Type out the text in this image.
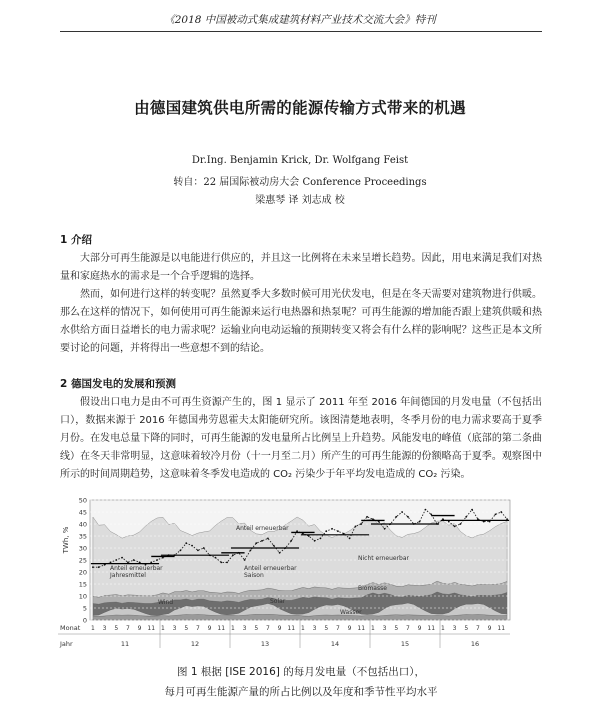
《2018 中国被动式集成建筑材料产业技术交流大会》特刊
由德国建筑供电所需的能源传输方式带来的机遇
Dr.Ing. Benjamin Krick, Dr. Wolfgang Feist
转自：22 届国际被动房大会 Conference Proceedings
梁惠琴 译 刘志成 校
1 介绍

大部分可再生能源是以电能进行供应的，并且这一比例将在未来呈增长趋势。因此，用电来满足我们对热量和家庭热水的需求是一个合乎逻辑的选择。

然而，如何进行这样的转变呢？虽然夏季大多数时候可用光伏发电，但是在冬天需要对建筑物进行供暖。那么在这样的情况下，如何使用可再生能源来运行电热器和热泵呢？可再生能源的增加能否跟上建筑供暖和热水供给方面日益增长的电力需求呢？运输业向电动运输的预期转变又将会有什么样的影响呢？这些正是本文所要讨论的问题，并将得出一些意想不到的结论。

2 德国发电的发展和预测

假设出口电力是由不可再生资源产生的，图 1 显示了 2011 年至 2016 年间德国的月发电量（不包括出口），数据来源于 2016 年德国弗劳恩霍夫太阳能研究所。该图清楚地表明，冬季月份的电力需求要高于夏季月份。在发电总量下降的同时，可再生能源的发电量所占比例呈上升趋势。风能发电的峰值（底部的第二条曲线）在冬天非常明显，这意味着较冷月份（十一月至二月）所产生的可再生能源的份额略高于夏季。观察图中所示的时间周期趋势，这意味着冬季发电造成的 CO₂ 污染少于年平均发电造成的 CO₂ 污染。

0
5
10
15
20
25
30
35
40
45
50
TWh, %	Anteil erneuerbar
Anteil erneuerbar
Jahresmittel
Anteil erneuerbar
Saison
Nicht erneuerbar
Biomasse
Wind	Solar
Wasser
Monat
Jahr
1 3 5 7 9 11
11
1 3 5 7 9 11
12
1 3 5 7 9 11
13
1 3 5 7 9 11
14
1 3 5 7 9 11
15
1 3 5 7 9 11
16
图 1 根据 [ISE 2016] 的每月发电量（不包括出口），
每月可再生能源产量的所占比例以及年度和季节性平均水平
